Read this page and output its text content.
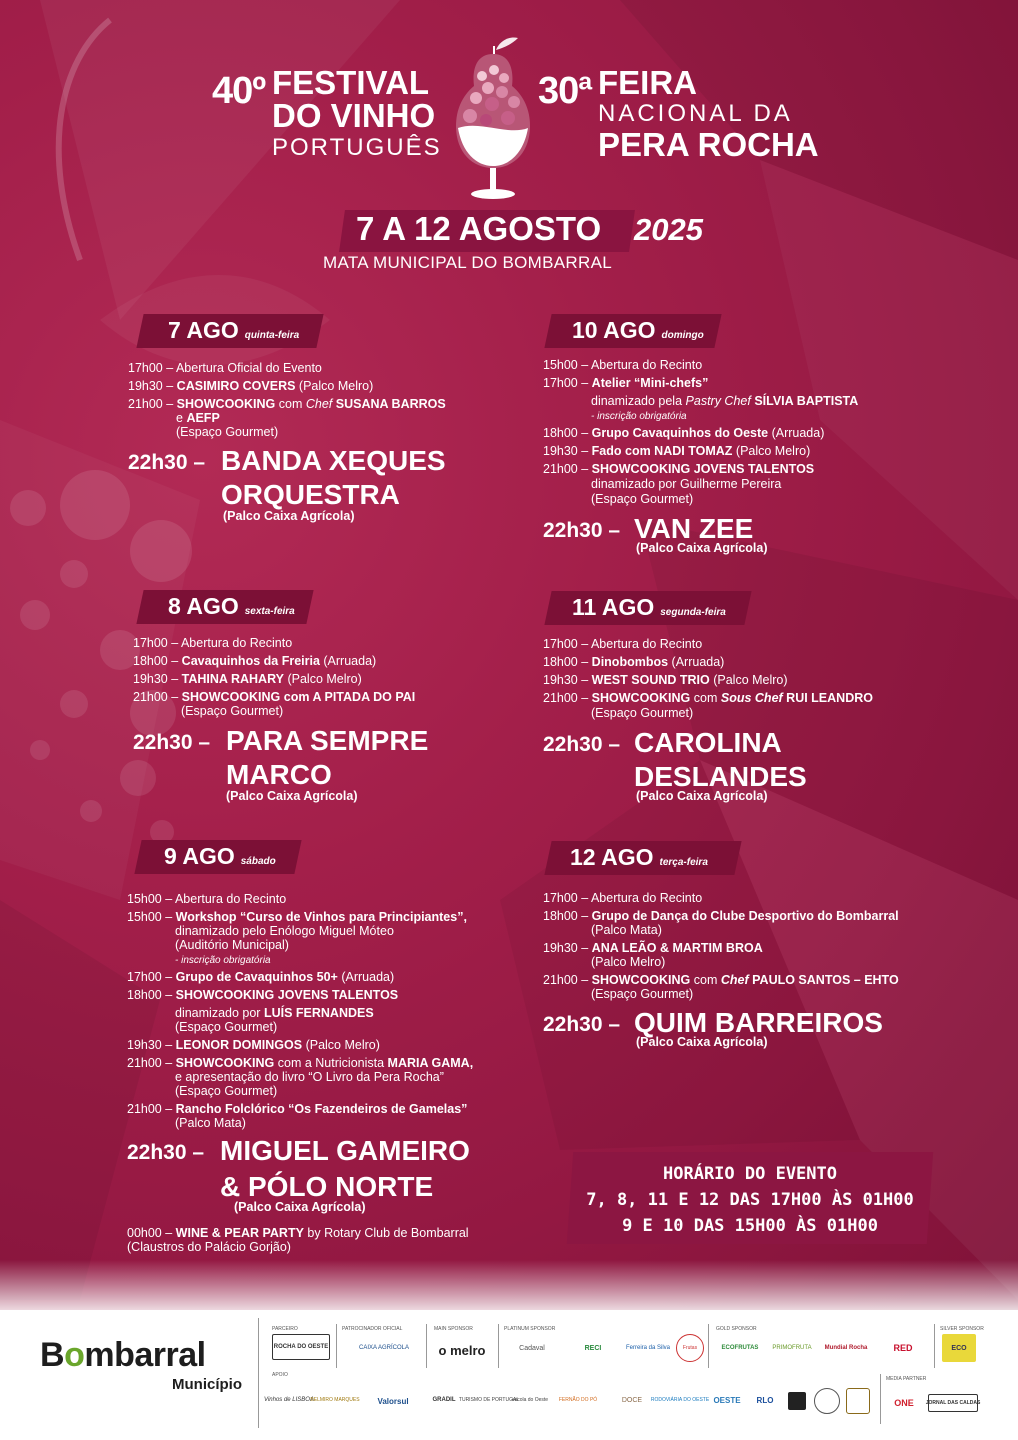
40º FESTIVAL
DO VINHO
PORTUGUÊS
30ª FEIRA
NACIONAL DA
PERA ROCHA
7 A 12 AGOSTO 2025
MATA MUNICIPAL DO BOMBARRAL
7 AGO quinta-feira
17h00 – Abertura Oficial do Evento
19h30 – CASIMIRO COVERS (Palco Melro)
21h00 – SHOWCOOKING com Chef SUSANA BARROS
e AEFP
(Espaço Gourmet)
22h30 – BANDA XEQUES
ORQUESTRA
(Palco Caixa Agrícola)
8 AGO sexta-feira
17h00 – Abertura do Recinto
18h00 – Cavaquinhos da Freiria (Arruada)
19h30 – TAHINA RAHARY (Palco Melro)
21h00 – SHOWCOOKING com A PITADA DO PAI
(Espaço Gourmet)
22h30 – PARA SEMPRE
MARCO
(Palco Caixa Agrícola)
9 AGO sábado
15h00 – Abertura do Recinto
15h00 – Workshop “Curso de Vinhos para Principiantes”,
dinamizado pelo Enólogo Miguel Móteo
(Auditório Municipal)
- inscrição obrigatória
17h00 – Grupo de Cavaquinhos 50+ (Arruada)
18h00 – SHOWCOOKING JOVENS TALENTOS
dinamizado por LUÍS FERNANDES
(Espaço Gourmet)
19h30 – LEONOR DOMINGOS (Palco Melro)
21h00 – SHOWCOOKING com a Nutricionista MARIA GAMA,
e apresentação do livro “O Livro da Pera Rocha”
(Espaço Gourmet)
21h00 – Rancho Folclórico “Os Fazendeiros de Gamelas”
(Palco Mata)
22h30 – MIGUEL GAMEIRO
& PÓLO NORTE
(Palco Caixa Agrícola)
00h00 – WINE & PEAR PARTY by Rotary Club de Bombarral
(Claustros do Palácio Gorjão)
10 AGO domingo
15h00 – Abertura do Recinto
17h00 – Atelier “Mini-chefs”
dinamizado pela Pastry Chef SÍLVIA BAPTISTA
- inscrição obrigatória
18h00 – Grupo Cavaquinhos do Oeste (Arruada)
19h30 – Fado com NADI TOMAZ (Palco Melro)
21h00 – SHOWCOOKING JOVENS TALENTOS
dinamizado por Guilherme Pereira
(Espaço Gourmet)
22h30 – VAN ZEE
(Palco Caixa Agrícola)
11 AGO segunda-feira
17h00 – Abertura do Recinto
18h00 – Dinobombos (Arruada)
19h30 – WEST SOUND TRIO (Palco Melro)
21h00 – SHOWCOOKING com Sous Chef RUI LEANDRO
(Espaço Gourmet)
22h30 – CAROLINA
DESLANDES
(Palco Caixa Agrícola)
12 AGO terça-feira
17h00 – Abertura do Recinto
18h00 – Grupo de Dança do Clube Desportivo do Bombarral
(Palco Mata)
19h30 – ANA LEÃO & MARTIM BROA
(Palco Melro)
21h00 – SHOWCOOKING com Chef PAULO SANTOS – EHTO
(Espaço Gourmet)
22h30 – QUIM BARREIROS
(Palco Caixa Agrícola)
HORÁRIO DO EVENTO
7, 8, 11 E 12 DAS 17H00 ÀS 01H00
9 E 10 DAS 15H00 ÀS 01H00
Bombarral
Município
PARCEIRO	PATROCINADOR OFICIAL	MAIN SPONSOR	PLATINUM SPONSOR	GOLD SPONSOR	SILVER SPONSOR
ROCHA DO OESTE	CAIXA AGRÍCOLA	o melro	Cadaval	RECI	Ferreira da Silva	Frutas	ECOFRUTAS	PRIMOFRUTA	Mundial Rocha	RED	ECO
APOIO
MEDIA PARTNER
Vinhos de LISBOA
BELMIRO MARQUES	Valorsul	GRADIL TURISMO DE PORTUGAL
escola do Oeste	FERNÃO DO PÓ	DOCE	RODOVIÁRIA DO OESTE OESTE	RLO	ONE	JORNAL DAS CALDAS
